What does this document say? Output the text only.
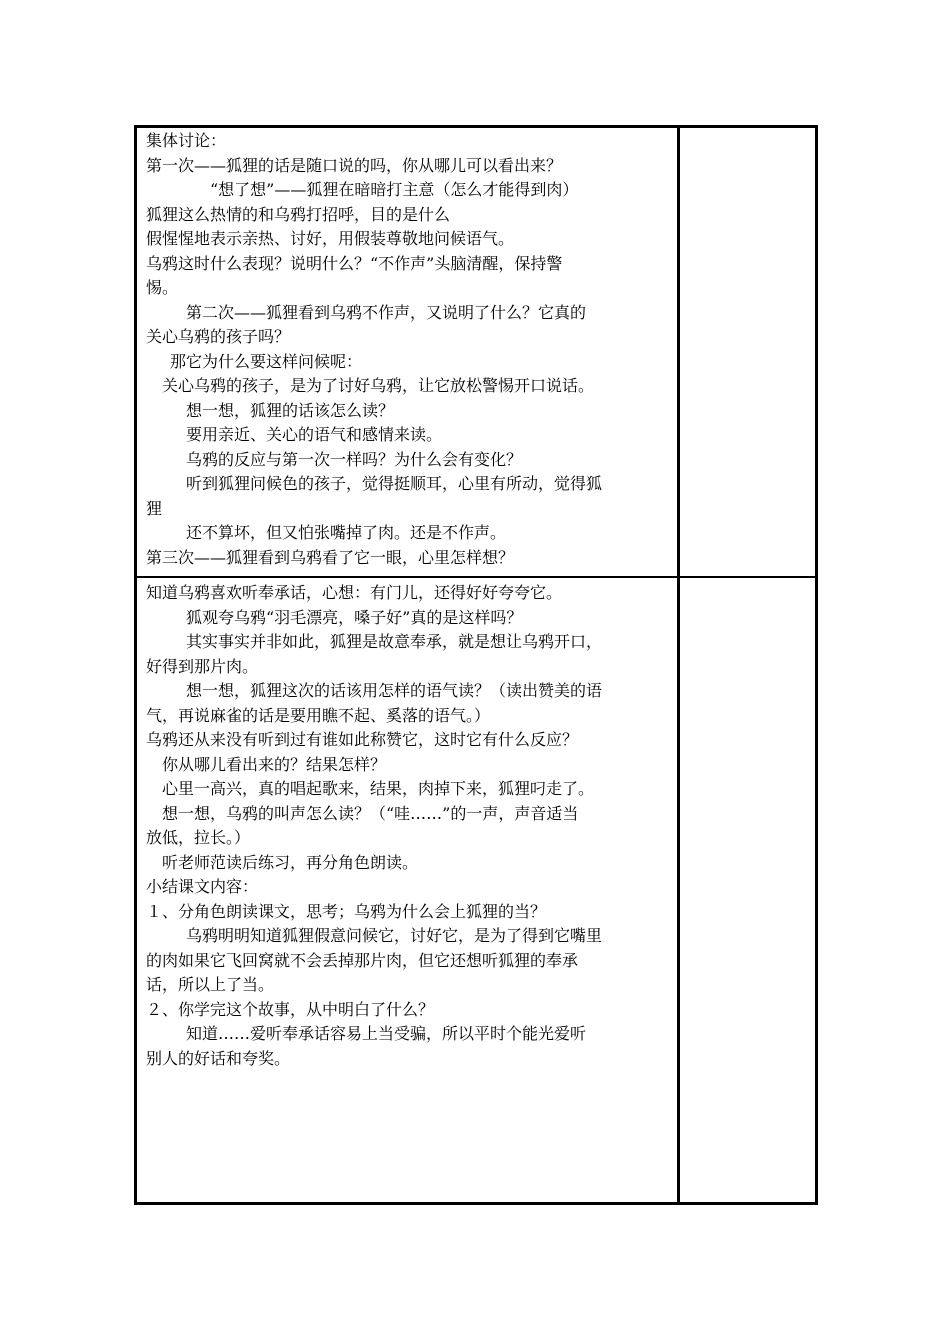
集体讨论：
第一次——狐狸的话是随口说的吗，你从哪儿可以看出来？
“想了想”——狐狸在暗暗打主意（怎么才能得到肉）
狐狸这么热情的和乌鸦打招呼，目的是什么
假惺惺地表示亲热、讨好，用假装尊敬地问候语气。
乌鸦这时什么表现？说明什么？“不作声”头脑清醒，保持警
惕。
第二次——狐狸看到乌鸦不作声，又说明了什么？它真的
关心乌鸦的孩子吗？
那它为什么要这样问候呢：
关心乌鸦的孩子，是为了讨好乌鸦，让它放松警惕开口说话。
想一想，狐狸的话该怎么读？
要用亲近、关心的语气和感情来读。
乌鸦的反应与第一次一样吗？为什么会有变化？
听到狐狸问候色的孩子，觉得挺顺耳，心里有所动，觉得狐
狸
还不算坏，但又怕张嘴掉了肉。还是不作声。
第三次——狐狸看到乌鸦看了它一眼，心里怎样想？
知道乌鸦喜欢听奉承话，心想：有门儿，还得好好夸夸它。
狐观夸乌鸦“羽毛漂亮，嗓子好”真的是这样吗？
其实事实并非如此，狐狸是故意奉承，就是想让乌鸦开口，
好得到那片肉。
想一想，狐狸这次的话该用怎样的语气读？（读出赞美的语
气，再说麻雀的话是要用瞧不起、奚落的语气。）
乌鸦还从来没有听到过有谁如此称赞它，这时它有什么反应？
你从哪儿看出来的？结果怎样？
心里一高兴，真的唱起歌来，结果，肉掉下来，狐狸叼走了。
想一想，乌鸦的叫声怎么读？（“哇……”的一声，声音适当
放低，拉长。）
听老师范读后练习，再分角色朗读。
小结课文内容：
１、分角色朗读课文，思考；乌鸦为什么会上狐狸的当？
乌鸦明明知道狐狸假意问候它，讨好它，是为了得到它嘴里
的肉如果它飞回窝就不会丢掉那片肉，但它还想听狐狸的奉承
话，所以上了当。
２、你学完这个故事，从中明白了什么？
知道……爱听奉承话容易上当受骗，所以平时个能光爱听
别人的好话和夸奖。
